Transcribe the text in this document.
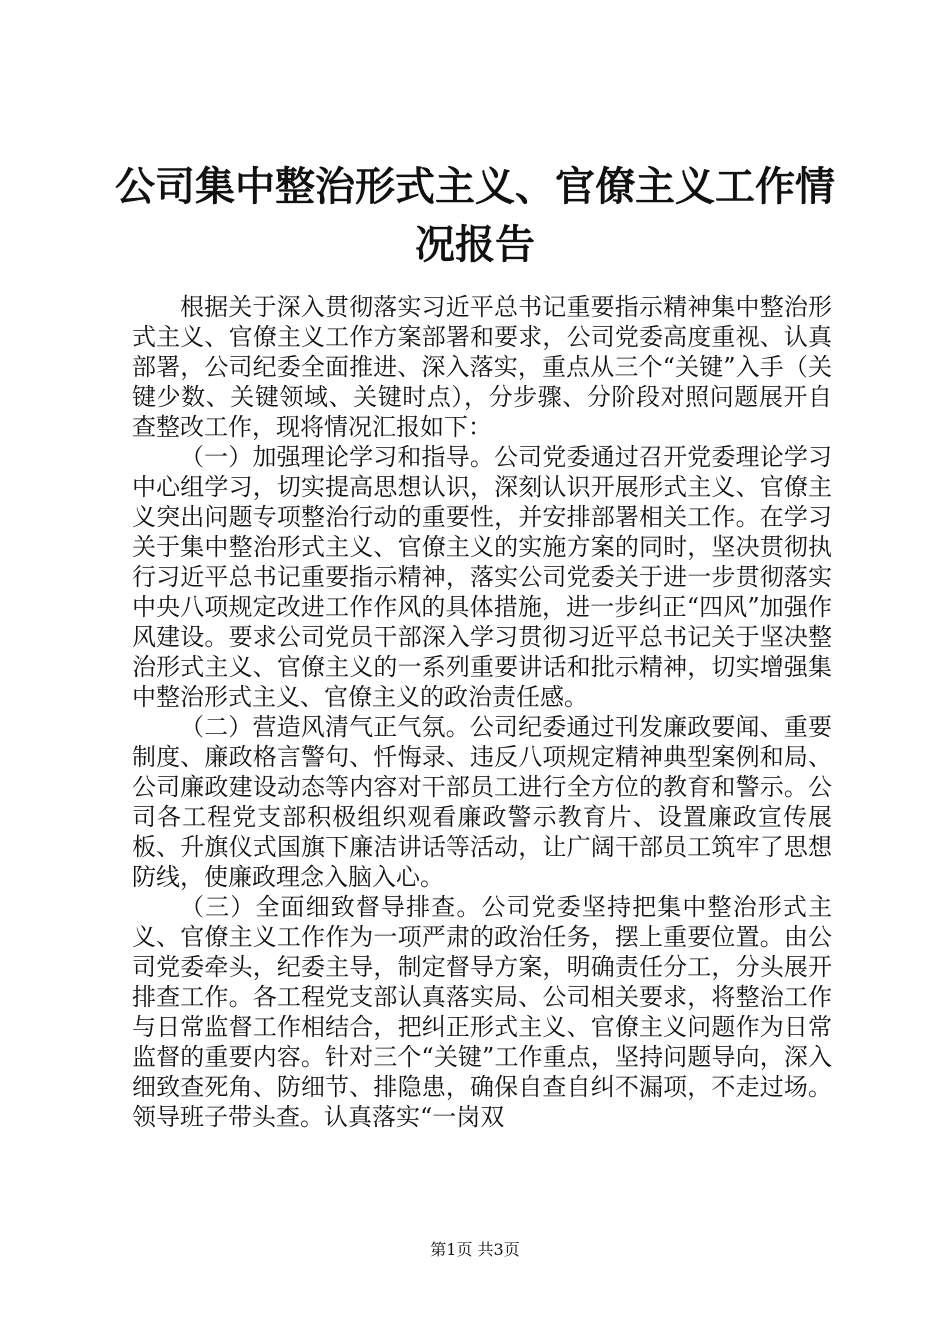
公司集中整治形式主义、官僚主义工作情况报告

根据关于深入贯彻落实习近平总书记重要指示精神集中整治形式主义、官僚主义工作方案部署和要求，公司党委高度重视、认真部署，公司纪委全面推进、深入落实，重点从三个“关键”入手（关键少数、关键领域、关键时点），分步骤、分阶段对照问题展开自查整改工作，现将情况汇报如下：

（一）加强理论学习和指导。公司党委通过召开党委理论学习中心组学习，切实提高思想认识，深刻认识开展形式主义、官僚主义突出问题专项整治行动的重要性，并安排部署相关工作。在学习关于集中整治形式主义、官僚主义的实施方案的同时，坚决贯彻执行习近平总书记重要指示精神，落实公司党委关于进一步贯彻落实中央八项规定改进工作作风的具体措施，进一步纠正“四风”加强作风建设。要求公司党员干部深入学习贯彻习近平总书记关于坚决整治形式主义、官僚主义的一系列重要讲话和批示精神，切实增强集中整治形式主义、官僚主义的政治责任感。

（二）营造风清气正气氛。公司纪委通过刊发廉政要闻、重要制度、廉政格言警句、忏悔录、违反八项规定精神典型案例和局、公司廉政建设动态等内容对干部员工进行全方位的教育和警示。公司各工程党支部积极组织观看廉政警示教育片、设置廉政宣传展板、升旗仪式国旗下廉洁讲话等活动，让广阔干部员工筑牢了思想防线，使廉政理念入脑入心。

（三）全面细致督导排查。公司党委坚持把集中整治形式主义、官僚主义工作作为一项严肃的政治任务，摆上重要位置。由公司党委牵头，纪委主导，制定督导方案，明确责任分工，分头展开排查工作。各工程党支部认真落实局、公司相关要求，将整治工作与日常监督工作相结合，把纠正形式主义、官僚主义问题作为日常监督的重要内容。针对三个“关键”工作重点，坚持问题导向，深入细致查死角、防细节、排隐患，确保自查自纠不漏项，不走过场。领导班子带头查。认真落实“一岗双

第1页 共3页
